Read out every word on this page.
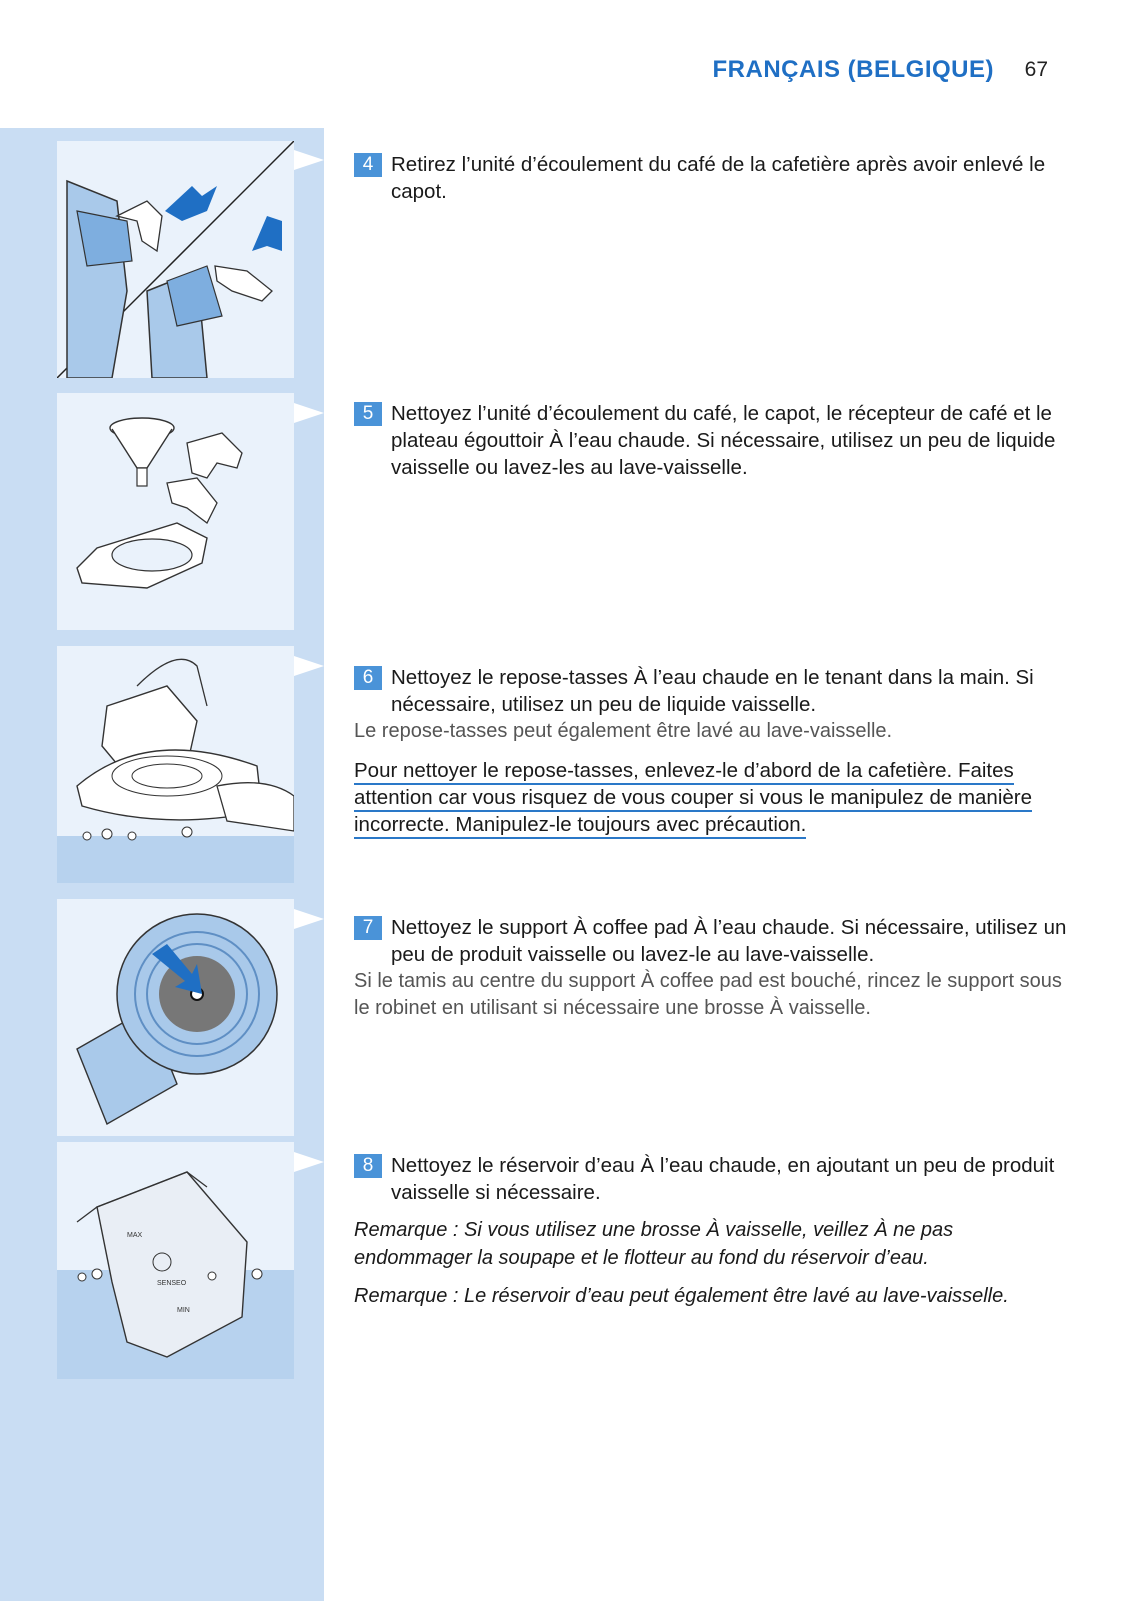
FRANÇAIS (BELGIQUE) 67
MAX
MIN
SENSEO
4 Retirez l’unité d’écoulement du café de la cafetière après avoir enlevé le capot.
5 Nettoyez l’unité d’écoulement du café, le capot, le récepteur de café et le plateau égouttoir À l’eau chaude. Si nécessaire, utilisez un peu de liquide vaisselle ou lavez-les au lave-vaisselle.
6 Nettoyez le repose-tasses À l’eau chaude en le tenant dans la main. Si nécessaire, utilisez un peu de liquide vaisselle.
Le repose-tasses peut également être lavé au lave-vaisselle.
Pour nettoyer le repose-tasses, enlevez-le d’abord de la cafetière. Faites attention car vous risquez de vous couper si vous le manipulez de manière incorrecte. Manipulez-le toujours avec précaution.
7 Nettoyez le support À coffee pad À l’eau chaude. Si nécessaire, utilisez un peu de produit vaisselle ou lavez-le au lave-vaisselle.
Si le tamis au centre du support À coffee pad est bouché, rincez le support sous le robinet en utilisant si nécessaire une brosse À vaisselle.
8 Nettoyez le réservoir d’eau À l’eau chaude, en ajoutant un peu de produit vaisselle si nécessaire.
Remarque : Si vous utilisez une brosse À vaisselle, veillez À ne pas endommager la soupape et le flotteur au fond du réservoir d’eau.
Remarque : Le réservoir d’eau peut également être lavé au lave-vaisselle.
